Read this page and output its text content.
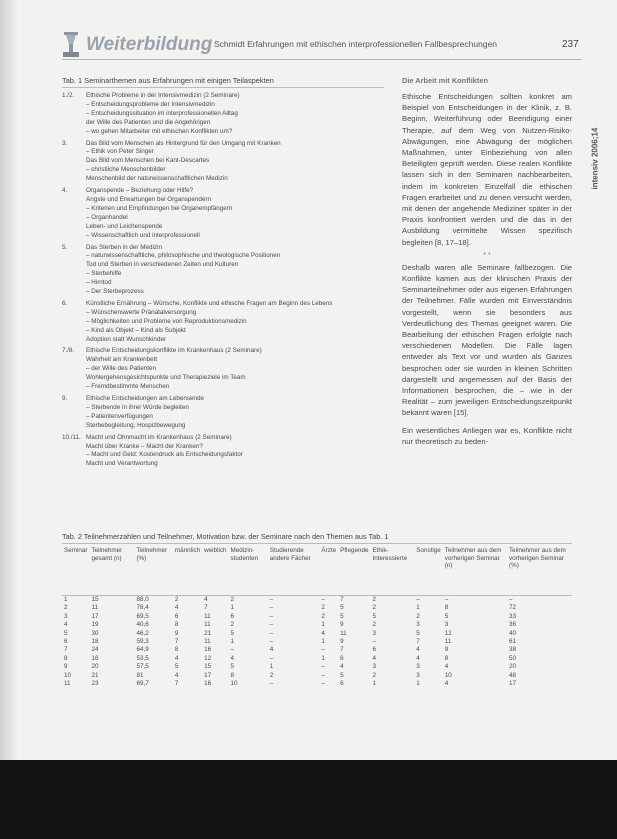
Weiterbildung Schmidt Erfahrungen mit ethischen interprofessionellen Fallbesprechungen	237
intensiv 2006;14
Tab. 1 Seminarthemen aus Erfahrungen mit einigen Teilaspekten
1./2.	Ethische Probleme in der Intensivmedizin (2 Seminare)
– Entscheidungsprobleme der Intensivmedizin
– Entscheidungssituation im interprofessionellen Alltag
der Wille des Patienten und die Angehörigen
– wo gehen Mitarbeiter mit ethischen Konflikten um?
3.	Das Bild vom Menschen als Hintergrund für den Umgang mit Kranken
– Ethik von Peter Singer
Das Bild vom Menschen bei Kant-Descartes
– christliche Menschenbilder
Menschenbild der naturwissenschaftlichen Medizin
4.	Organspende – Beziehung oder Hilfe?
Ängste und Erwartungen bei Organspendern
– Kriterien und Empfindungen bei Organempfängern
– Organhandel
Leben- und Leichenspende
– Wissenschaftlich und interprofessionell
5.	Das Sterben in der Medizin
– naturwissenschaftliche, philosophische und theologische Positionen
Tod und Sterben in verschiedenen Zeiten und Kulturen
– Sterbehilfe
– Hirntod
– Der Sterbeprozess
6.	Künstliche Ernährung – Wünsche, Konflikte und ethische Fragen am Beginn des Lebens
– Wünschenswerte Pränatalversorgung
– Möglichkeiten und Probleme von Reproduktionsmedizin
– Kind als Objekt – Kind als Subjekt
Adoption statt Wunschkinder
7./8.	Ethische Entscheidungskonflikte im Krankenhaus (2 Seminare)
Wahrheit am Krankenbett
– der Wille des Patienten
Wohlergehensgesichtspunkte und Therapieziele im Team
– Fremdbestimmte Menschen
9.	Ethische Entscheidungen am Lebensende
– Sterbende in ihrer Würde begleiten
– Patientenverfügungen
Sterbebegleitung, Hospizbewegung
10./11. Macht und Ohnmacht im Krankenhaus (2 Seminare)
Macht über Kranke – Macht der Kranken?
– Macht und Geld: Kostendruck als Entscheidungsfaktor
Macht und Verantwortung
Die Arbeit mit Konflikten

Ethische Entscheidungen sollten konkret am Beispiel von Entscheidungen in der Klinik, z. B. Beginn, Weiterführung oder Beendigung einer Therapie, auf dem Weg von Nutzen-Risiko-Abwägungen, eine Abwägung der möglichen Maßnahmen, unter Einbeziehung von allen Beteiligten geprüft werden. Diese realen Konflikte lassen sich in den Seminaren nachbearbeiten, indem im konkreten Einzelfall die ethischen Fragen erarbeitet und zu denen versucht werden, mit denen der angehende Mediziner später in der Praxis konfrontiert werden und die das in der Ausbildung vermittelte Wissen spezifisch begleiten [8, 17–18].

* *

Deshalb waren alle Seminare fallbezogen. Die Konflikte kamen aus der klinischen Praxis der Seminarteilnehmer oder aus eigenen Erfahrungen der Teilnehmer. Fälle wurden mit Einverständnis vorgestellt, wenn sie besonders aus Verdeutlichung des Themas geeignet waren. Die Bearbeitung der ethischen Fragen erfolgte nach verschiedenen Modellen. Die Fälle lagen entweder als Text vor und wurden als Ganzes besprochen oder sie wurden in kleinen Schritten dargestellt und angemessen auf der Basis der Informationen besprochen, die – wie in der Realität – zum jeweiligen Entscheidungszeitpunkt bekannt waren [15].

Ein wesentliches Anliegen war es, Konflikte nicht nur theoretisch zu beden-

Tab. 2 Teilnehmerzahlen und Teilnehmer, Motivation bzw. der Seminare nach den Themen aus Tab. 1
Seminar	Teilnehmer gesamt (n)	Teilnehmer (%)	männlich	weiblich	Medizin-studenten	Studierende andere Fächer	Ärzte	Pflegende	Ethik-Interessierte	Sonstige	Teilnehmer aus dem vorherigen Seminar (n)	Teilnehmer aus dem vorherigen Seminar (%)
1	15	88,0	2	4	2	–	–	7	2	–	–	–
2	11	78,4	4	7	1	–	2	5	2	1	8	72
3	17	69,5	6	11	6	–	2	5	5	2	5	33
4	19	40,6	8	11	2	–	1	9	2	3	3	36
5	30	46,2	9	21	5	–	4	11	3	5	12	40
6	18	59,3	7	11	1	–	1	9	–	7	11	61
7	24	64,9	8	16	–	4	–	7	6	4	9	38
8	16	53,5	4	12	4	–	1	6	4	4	8	50
9	20	57,5	5	15	5	1	–	4	3	3	4	20
10	21	81	4	17	8	2	–	5	2	3	10	48
11	23	69,7	7	16	10	–	–	6	1	1	4	17
